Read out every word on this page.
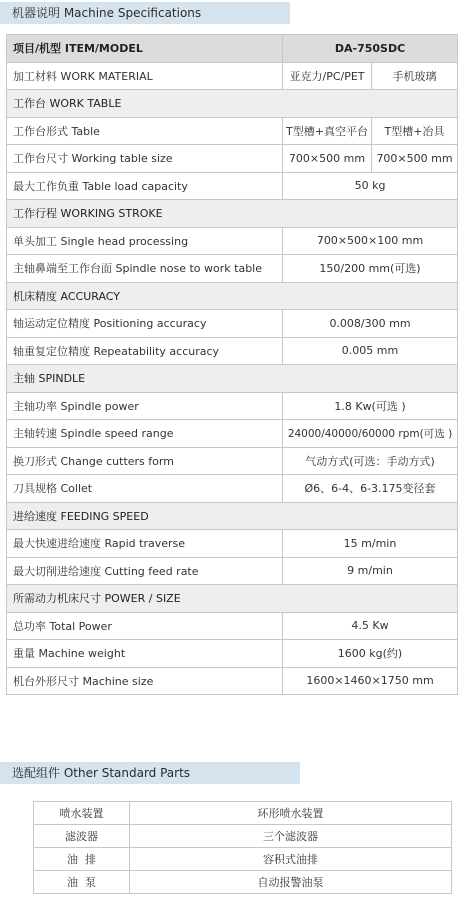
机器说明 Machine Specifications
项目/机型 ITEM/MODEL	DA-750SDC	
加工材料 WORK MATERIAL	亚克力/PC/PET	手机玻璃
工作台 WORK TABLE		
工作台形式 Table	T型槽+真空平台	T型槽+冶具
工作台尺寸 Working table size	700×500 mm	700×500 mm
最大工作负重 Table load capacity	50 kg	
工作行程 WORKING STROKE		
单头加工 Single head processing	700×500×100 mm	
主轴鼻端至工作台面 Spindle nose to work table	150/200 mm(可选)	
机床精度 ACCURACY		
轴运动定位精度 Positioning accuracy	0.008/300 mm	
轴重复定位精度 Repeatability accuracy	0.005 mm	
主轴 SPINDLE		
主轴功率 Spindle power	1.8 Kw(可选 )	
主轴转速 Spindle speed range	24000/40000/60000 rpm(可选 )	
换刀形式 Change cutters form	气动方式(可选：手动方式)	
刀具规格 Collet	Ø6、6-4、6-3.175变径套	
进给速度 FEEDING SPEED		
最大快速进给速度 Rapid traverse	15 m/min	
最大切削进给速度 Cutting feed rate	9 m/min	
所需动力机床尺寸 POWER / SIZE		
总功率 Total Power	4.5 Kw	
重量 Machine weight	1600 kg(约)	
机台外形尺寸 Machine size	1600×1460×1750 mm	
选配组件 Other Standard Parts
喷水装置	环形喷水装置
滤波器	三个滤波器
油  排	容积式油排
油  泵	自动报警油泵
